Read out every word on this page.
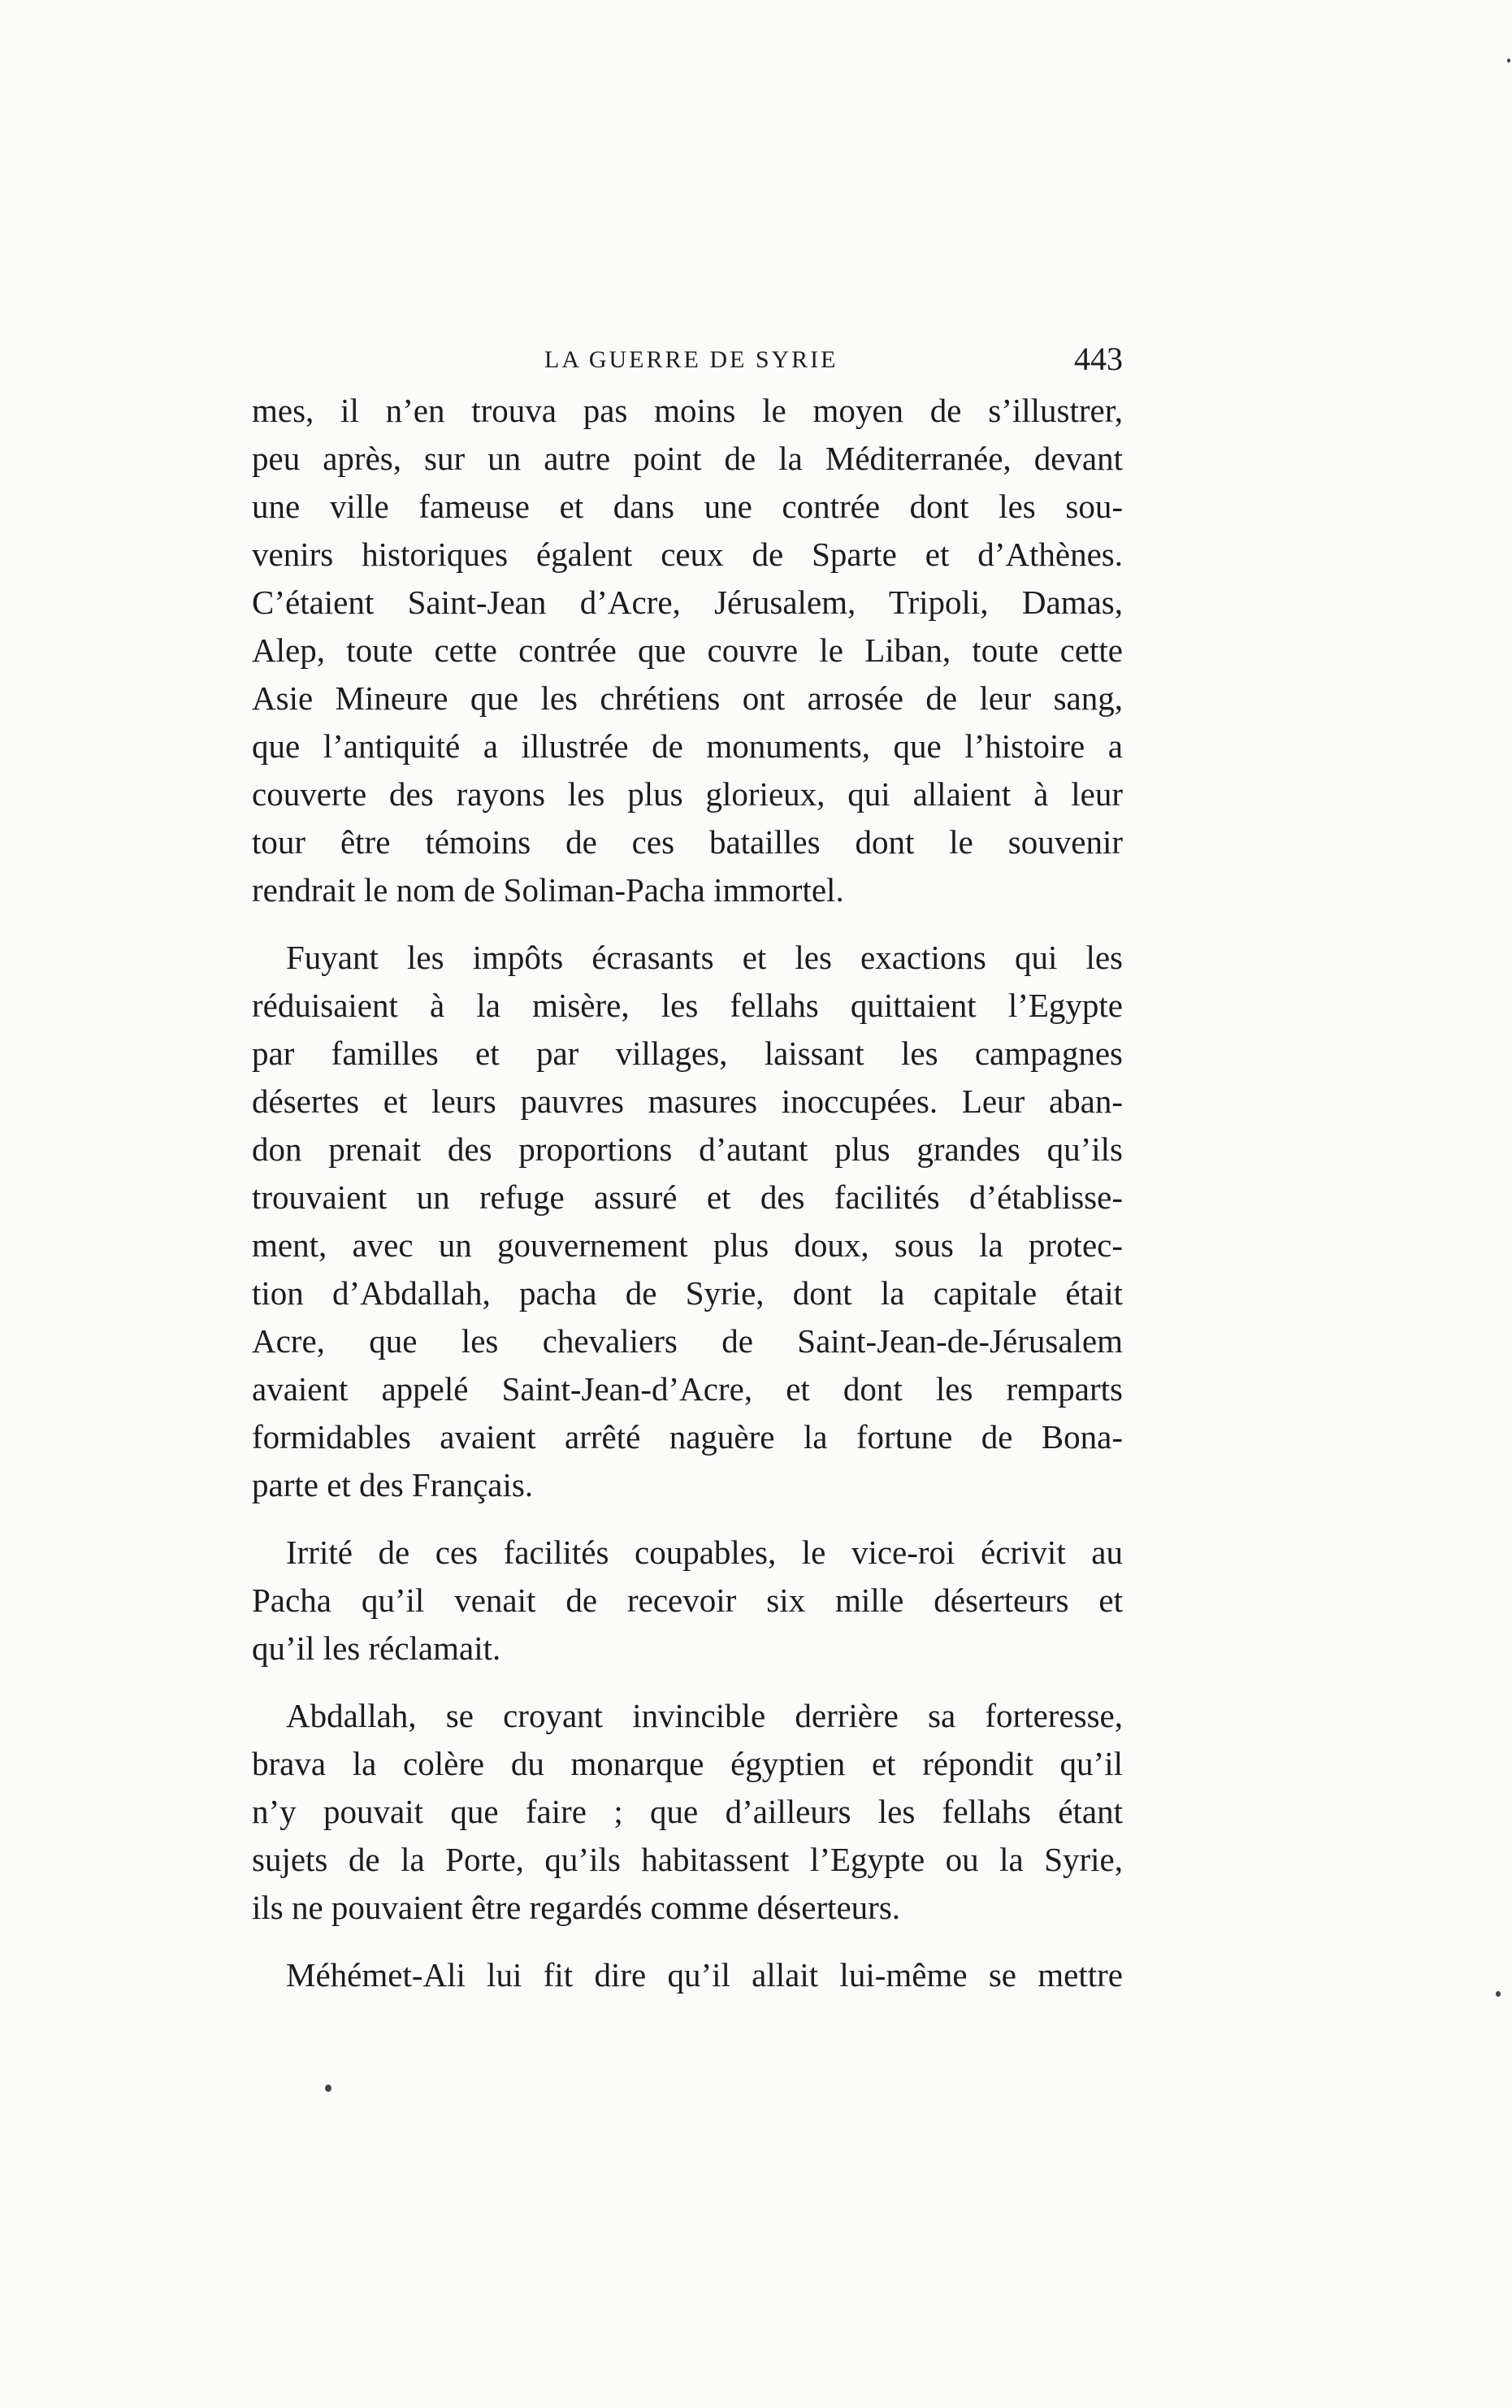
LA GUERRE DE SYRIE	443
mes, il n’en trouva pas moins le moyen de s’illustrer,
peu après, sur un autre point de la Méditerranée, devant
une ville fameuse et dans une contrée dont les sou-
venirs historiques égalent ceux de Sparte et d’Athènes.
C’étaient Saint-Jean d’Acre, Jérusalem, Tripoli, Damas,
Alep, toute cette contrée que couvre le Liban, toute cette
Asie Mineure que les chrétiens ont arrosée de leur sang,
que l’antiquité a illustrée de monuments, que l’histoire a
couverte des rayons les plus glorieux, qui allaient à leur
tour être témoins de ces batailles dont le souvenir
rendrait le nom de Soliman-Pacha immortel.
Fuyant les impôts écrasants et les exactions qui les
réduisaient à la misère, les fellahs quittaient l’Egypte
par familles et par villages, laissant les campagnes
désertes et leurs pauvres masures inoccupées. Leur aban-
don prenait des proportions d’autant plus grandes qu’ils
trouvaient un refuge assuré et des facilités d’établisse-
ment, avec un gouvernement plus doux, sous la protec-
tion d’Abdallah, pacha de Syrie, dont la capitale était
Acre, que les chevaliers de Saint-Jean-de-Jérusalem
avaient appelé Saint-Jean-d’Acre, et dont les remparts
formidables avaient arrêté naguère la fortune de Bona-
parte et des Français.
Irrité de ces facilités coupables, le vice-roi écrivit au
Pacha qu’il venait de recevoir six mille déserteurs et
qu’il les réclamait.
Abdallah, se croyant invincible derrière sa forteresse,
brava la colère du monarque égyptien et répondit qu’il
n’y pouvait que faire ; que d’ailleurs les fellahs étant
sujets de la Porte, qu’ils habitassent l’Egypte ou la Syrie,
ils ne pouvaient être regardés comme déserteurs.
Méhémet-Ali lui fit dire qu’il allait lui-même se mettre
